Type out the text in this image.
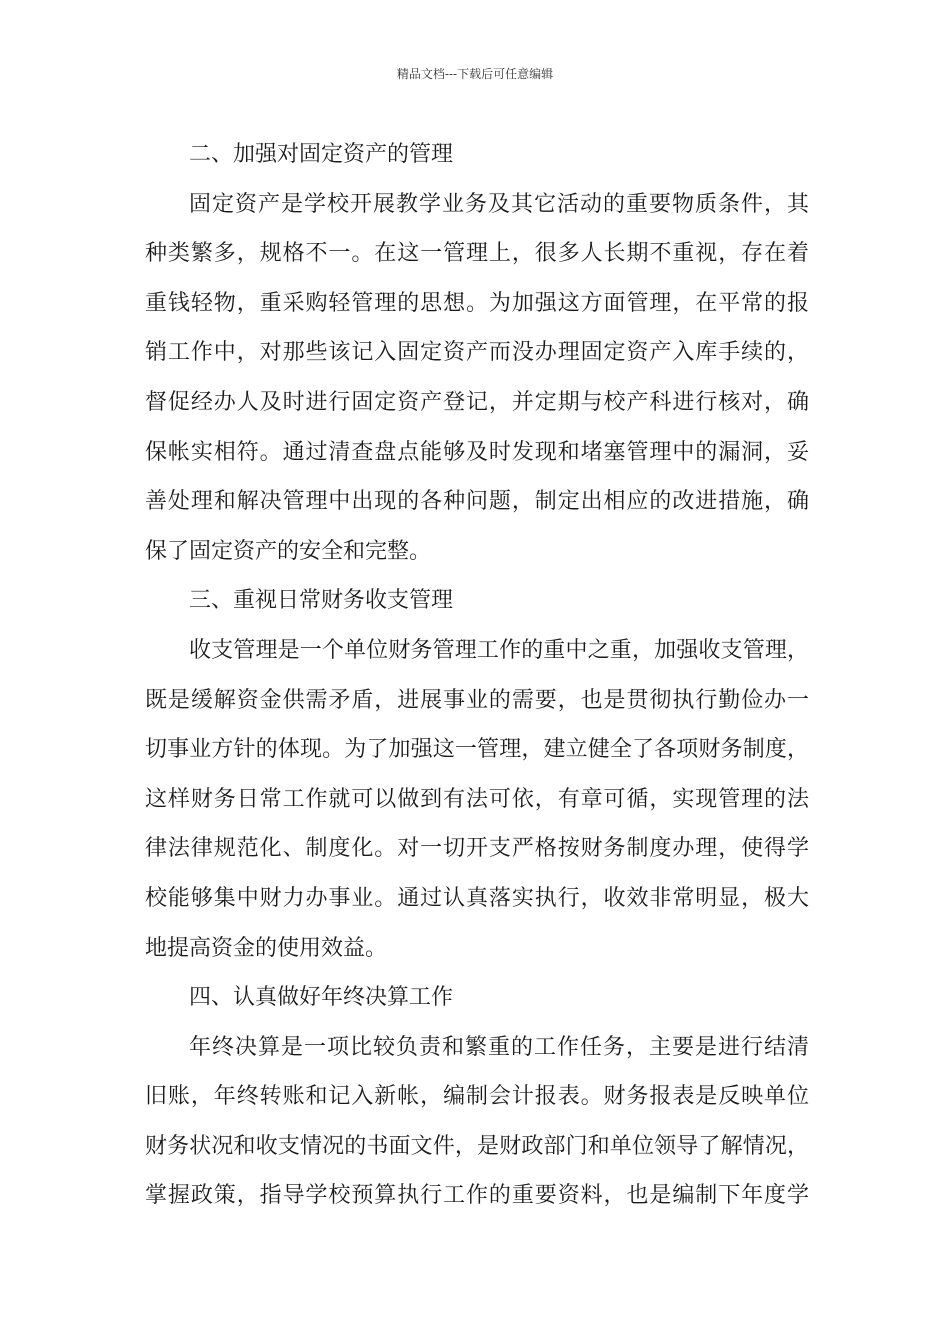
精品文档---下载后可任意编辑
二、加强对固定资产的管理
固定资产是学校开展教学业务及其它活动的重要物质条件，其
种类繁多，规格不一。在这一管理上，很多人长期不重视，存在着
重钱轻物，重采购轻管理的思想。为加强这方面管理，在平常的报
销工作中，对那些该记入固定资产而没办理固定资产入库手续的，
督促经办人及时进行固定资产登记，并定期与校产科进行核对，确
保帐实相符。通过清查盘点能够及时发现和堵塞管理中的漏洞，妥
善处理和解决管理中出现的各种问题，制定出相应的改进措施，确
保了固定资产的安全和完整。
三、重视日常财务收支管理
收支管理是一个单位财务管理工作的重中之重，加强收支管理，
既是缓解资金供需矛盾，进展事业的需要，也是贯彻执行勤俭办一
切事业方针的体现。为了加强这一管理，建立健全了各项财务制度，
这样财务日常工作就可以做到有法可依，有章可循，实现管理的法
律法律规范化、制度化。对一切开支严格按财务制度办理，使得学
校能够集中财力办事业。通过认真落实执行，收效非常明显，极大
地提高资金的使用效益。
四、认真做好年终决算工作
年终决算是一项比较负责和繁重的工作任务，主要是进行结清
旧账，年终转账和记入新帐，编制会计报表。财务报表是反映单位
财务状况和收支情况的书面文件，是财政部门和单位领导了解情况，
掌握政策，指导学校预算执行工作的重要资料，也是编制下年度学
